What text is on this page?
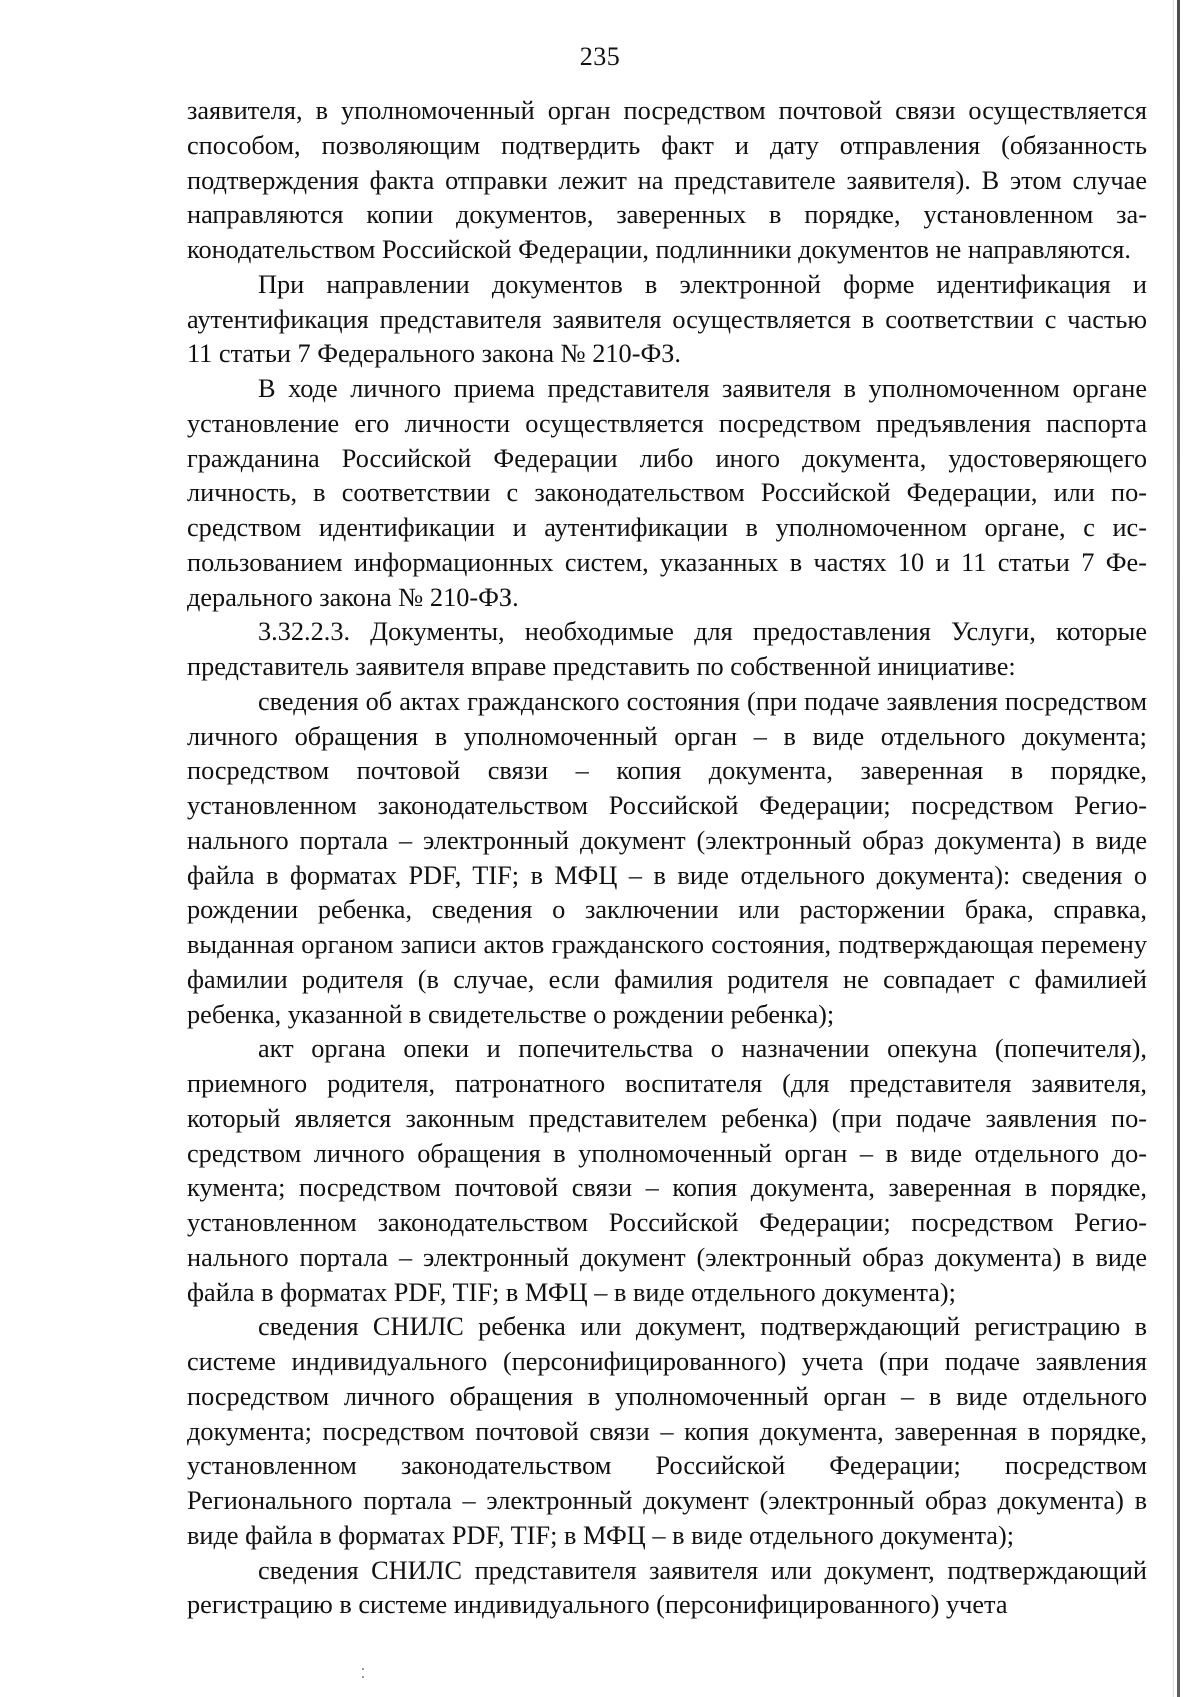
235

заявителя, в уполномоченный орган посредством почтовой связи осуществляется способом, позволяющим подтвердить факт и дату отправления (обязанность подтверждения факта отправки лежит на представителе заявителя). В этом случае направляются копии документов, заверенных в порядке, установленном законодательством Российской Федерации, подлинники документов не направляются.

При направлении документов в электронной форме идентификация и аутентификация представителя заявителя осуществляется в соответствии с частью 11 статьи 7 Федерального закона № 210-ФЗ.

В ходе личного приема представителя заявителя в уполномоченном органе установление его личности осуществляется посредством предъявления паспорта гражданина Российской Федерации либо иного документа, удостоверяющего личность, в соответствии с законодательством Российской Федерации, или посредством идентификации и аутентификации в уполномоченном органе, с использованием информационных систем, указанных в частях 10 и 11 статьи 7 Федерального закона № 210-ФЗ.

3.32.2.3. Документы, необходимые для предоставления Услуги, которые представитель заявителя вправе представить по собственной инициативе:

сведения об актах гражданского состояния (при подаче заявления посредством личного обращения в уполномоченный орган – в виде отдельного документа; посредством почтовой связи – копия документа, заверенная в порядке, установленном законодательством Российской Федерации; посредством Регионального портала – электронный документ (электронный образ документа) в виде файла в форматах PDF, TIF; в МФЦ – в виде отдельного документа): сведения о рождении ребенка, сведения о заключении или расторжении брака, справка, выданная органом записи актов гражданского состояния, подтверждающая перемену фамилии родителя (в случае, если фамилия родителя не совпадает с фамилией ребенка, указанной в свидетельстве о рождении ребенка);

акт органа опеки и попечительства о назначении опекуна (попечителя), приемного родителя, патронатного воспитателя (для представителя заявителя, который является законным представителем ребенка) (при подаче заявления посредством личного обращения в уполномоченный орган – в виде отдельного документа; посредством почтовой связи – копия документа, заверенная в порядке, установленном законодательством Российской Федерации; посредством Регионального портала – электронный документ (электронный образ документа) в виде файла в форматах PDF, TIF; в МФЦ – в виде отдельного документа);

сведения СНИЛС ребенка или документ, подтверждающий регистрацию в системе индивидуального (персонифицированного) учета (при подаче заявления посредством личного обращения в уполномоченный орган – в виде отдельного документа; посредством почтовой связи – копия документа, заверенная в порядке, установленном законодательством Российской Федерации; посредством Регионального портала – электронный документ (электронный образ документа) в виде файла в форматах PDF, TIF; в МФЦ – в виде отдельного документа);

сведения СНИЛС представителя заявителя или документ, подтверждающий регистрацию в системе индивидуального (персонифицированного) учета
